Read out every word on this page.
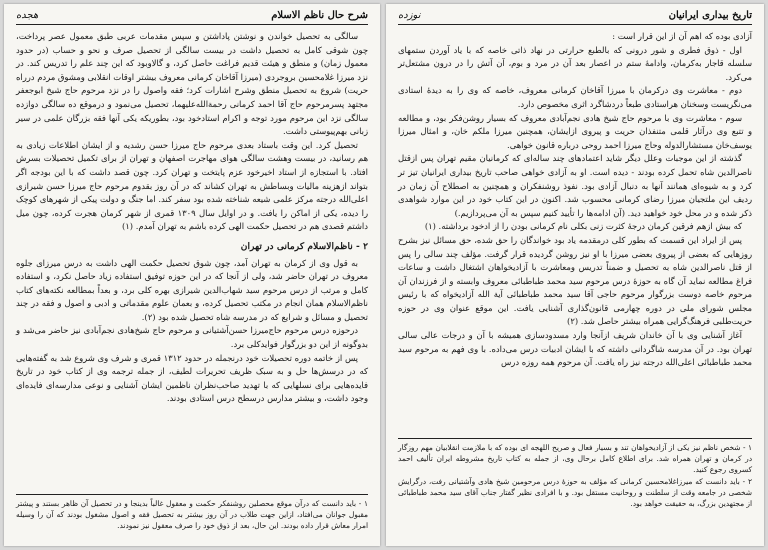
شرح حال ناظم الاسلام
هجده

سالگی به تحصیل خواندن و نوشتن پاداشتن و سپس مقدمات عربی طبق معمول عصر پرداخت، چون شوقی کامل به تحصیل داشت در بیست سالگی از تحصیل صرف و نحو و حساب (در حدود معمول زمان) و منطق و هیئت قدیم فراغت حاصل کرد، و گالاوبود که این چند علم را تدریس کند. در نزد میرزا غلامحسین بروجردی (میرزا آقاخان کرمانی معروف بیشتر اوقات انقلابی ومشوق مردم درراه حریت) شروع به تحصیل منطق وشرح اشارات کرد؛ فقه واصول را در نزد مرحوم حاج شیخ ابوجعفر مجتهد پسرمرحوم حاج آقا احمد کرمانی رحمة‌الله‌علیهما، تحصیل می‌نمود و درموقع ده سالگی دوازده سالگی نزد این مرحوم مورد توجه و اکرام استادخود بود، بطوریکه یکی آنها فقه بزرگان علمی در سیر زبانی بهم‌پیوستی داشت.

تحصیل کرد. این وقت باستاد بعدی مرحوم حاج میرزا حسن رشدیه و از ایشان اطلاعات زیادی به هم رسانید، در بیست وهشت سالگی هوای مهاجرت اصفهان و تهران از برای تکمیل تحصیلات بسرش افتاد. با استجازه از استاد اخیرخود عزم پایتخت و تهران کرد. چون قصد داشت که با این بودجه اگر بتواند ازهزینه مالیات وبساطش به تهران کشاند که در آن روز بقدوم مرحوم حاج میرزا حسن شیرازی اعلی‌الله درجته مرکز علمی شیعه شناخته شده بود سفر کند. اما جنگ و دولت پیکی از شهرهای کوچک را دیده، یکی از اماکن را یافت. و در اوایل سال ۱۳۰۹ قمری از شهر کرمان هجرت کرده، چون میل داشتم قصدی هم در تحصیل حکمت الهی کرده باشم به تهران آمدم. (۱)

۲ - ناظم‌الاسلام کرمانی در تهران

به قول وی از کرمان به تهران آمد، چون شوق تحصیل حکمت الهی داشت به درس میرزای جلوه معروف در تهران حاضر شد، ولی از آنجا که در این حوزه توفیق استفاده زیاد حاصل نکرد، و استفاده کامل و مرتب از درس مرحوم سید شهاب‌الدین شیرازی بهره کلی برد، و بعداً بمطالعه نکته‌های کتاب ناظم‌الاسلام همان انجام در مکتب تحصیل کرده، و بعمان علوم مقدماتی و ادبی و اصول و فقه در چند تحصیل و مسائل و شرایع که در مدرسه شاه تحصیل شده بود (۲).

درحوزه درس مرحوم حاج‌میرزا حسن‌آشتیانی و مرحوم حاج شیخ‌هادی نجم‌آبادی نیز حاضر می‌شد و بدوگونه از این دو بزرگوار فوایدکلی برد.

پس از خاتمه دوره تحصیلات خود درنجمله در حدود ۱۳۱۲ قمری و شرف وی شروع شد به گفته‌هایی که در درسش‌ها حل و به سبک ظریف تحریرات لطیف، از جمله ترجمه وی از کتاب خود در تاریخ فایده‌هایی برای نسلهایی که با تهدید صاحب‌نظران ناظمین ایشان آشنایی و نوعی مدارسه‌ای فایده‌ای وجود داشت، و بیشتر مدارس درسطح درس استادی بودند.

۱ - باید دانست که درآن موقع محصلین روشنفکر حکمت و معقول غالباً بدینجا و در تحصیل آن ظاهر بستند و پیشتر مقبول جوانان می‌افتاد، ازاین جهت طلاب در آن روز بیشتر به تحصیل فقه و اصول مشغول بودند که آن را وسیله امرار معاش قرار داده بودند. این حال، بعد از ذوق خود را صرف معقول نیز نمودند.

تاریخ بیداری ایرانیان
نوزده

آزادی بوده که اهم آن از این قرار است :

اول - ذوق فطری و شور درونی که بالطبع حرارتی در نهاد ذاتی خاصه که با یاد آوردن ستمهای سلسله قاجار به‌کرمان، وادامهٔ ستم در اعصار بعد آن در مرد و بوم، آن آتش را در درون مشتعل‌تر می‌کرد.

دوم - معاشرت وی درکرمان با میرزا آقاخان کرمانی معروف، خاصه که وی را به دیدهٔ استادی می‌نگریست وسخنان هراستادی طبعاً دردشاگرد اثری مخصوص دارد.

سوم - معاشرت وی با مرحوم حاج شیخ هادی نجم‌آبادی معروف که بسیار روشن‌فکر بود، و مطالعه و تتبع وی درآثار قلمی متنفذان حریت و پیروی ازایشان، همچنین میرزا ملکم خان، و امثال میرزا یوسف‌خان مستشارالدوله وحاج میرزا احمد روحی درباره قانون خواهی.

گذشته از این موجبات وعلل دیگر شاید اعتمادهای چند ساله‌ای که کرمانیان مقیم تهران پس ازقتل ناصرالدین شاه تحمل کرده بودند - دیده است. او به آزادی خواهی صاحب تاریخ بیداری ایرانیان تیز تر کرد و به شیوه‌ای همانند آنها به دنبال آزادی بود. نفوذ روشنفکران و همچنین به اصطلاح آن زمان در ردیف این ملتجیان میرزا رضای کرمانی محسوب شد. اکنون در این کتاب خود در این موارد شواهدی ذکر شده و در محل خود خواهید دید. (آن ادامه‌ها را تأیید کنیم سپس به آن می‌پردازیم.)

که بیش ازهم فرقین کرمان درجهٔ کثرت زنی بکلی نام کرمانی بودن را از ادخود برداشته. (۱)

پس از ایراد این قسمت که بطور کلی درمقدمه یاد بود خواندگان را حق شده، حق مسائل نیز بشرح روزهایی که بعضی از پیروی بعضی میرزا با او نیز روشن گردیده قرار گرفت. مؤلف چند سالی را پس از قتل ناصرالدین شاه به تحصیل و ضمناً تدریس ومعاشرت با آزادیخواهان اشتغال داشت و ساعات فراغ مطالعه نماید آن گاه به حوزهٔ درس مرحوم سید محمد طباطبائی معروف وابسته و از فرزندان آن مرحوم خاصه دوست بزرگوار مرحوم حاجی آقا سید محمد طباطبائی آیة الله آزادیخواه که با رئیس مجلس شورای ملی در دوره چهارمی قانون‌گذاری آشنایی یافت. این موقع عنوان وی در حوزه حریت‌طلبی فرهنگ‌گرایی همراه بیشتر حاصل شد. (۲)

آغاز آشنایی وی با آن خاندان شریف ازآنجا وارد مسدودسازی همیشه با آن و درجات عالی سالی تهران بود. در آن مدرسه شاگردانی داشته که با ایشان ادبیات درس می‌داده. با وی فهم به مرحوم سید محمد طباطبائی اعلی‌الله درجته نیز راه یافت. آن مرحوم همه روزه درس

۱ - شخص ناظم نیز یکی از آزادیخواهان تند و بسیار فعال و صریح اللهجه ای بوده که با ملازمت انقلابیان مهم روزگار در کرمان و تهران همراه شد. برای اطلاع کامل برحال وی، از جمله به کتاب تاریخ مشروطه ایران تألیف احمد کسروی رجوع کنید.

۲ - باید دانست که میرزاغلامحسین کرمانی که مؤلف به حوزهٔ درس مرحومین شیخ هادی وآشتیانی رفت، درگرایش شخصی در جامعه وقت از سلطنت و روحانیت مستقل بود. و با افرادی نظیر گفتار جناب آقای سید محمد طباطبائی از مجتهدین بزرگ، به حقیقت خواهد بود.
